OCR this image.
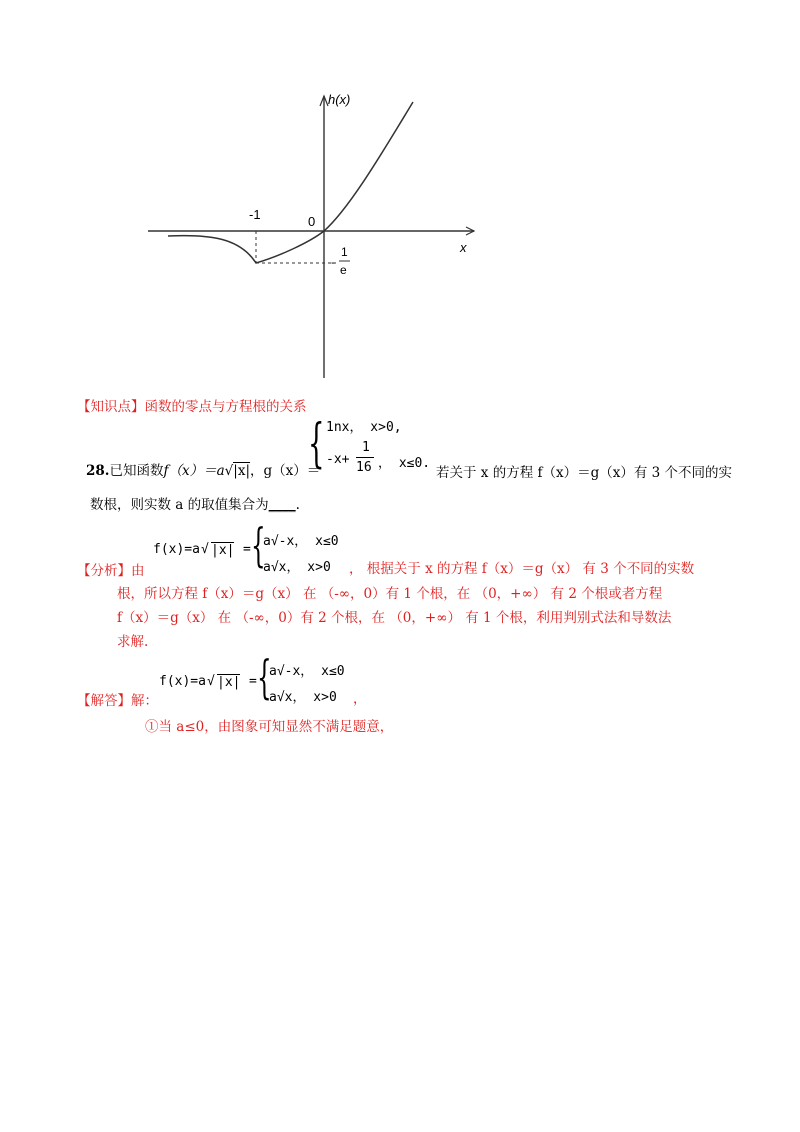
h(x)
x
-1	0
-
1
e
【知识点】函数的零点与方程根的关系
{ 1nx， x>0,
-x+
1
16 ， x≤0.
28.已知函数f（x）＝a√|x|，g（x）＝	若关于 x 的方程 f（x）＝g（x）有 3 个不同的实
数根，则实数 a 的取值集合为____.
f(x)=a √ |x| = {
a√-x， x≤0
a√x， x>0
【分析】由	， 根据关于 x 的方程 f（x）＝g（x） 有 3 个不同的实数
根，所以方程 f（x）＝g（x） 在 （-∞，0）有 1 个根，在 （0，+∞） 有 2 个根或者方程
f（x）＝g（x） 在 （-∞，0）有 2 个根，在 （0，+∞） 有 1 个根，利用判别式法和导数法
求解.
f(x)=a √ |x| = {
a√-x， x≤0
a√x， x>0 ，
【解答】解：
①当 a≤0，由图象可知显然不满足题意，
